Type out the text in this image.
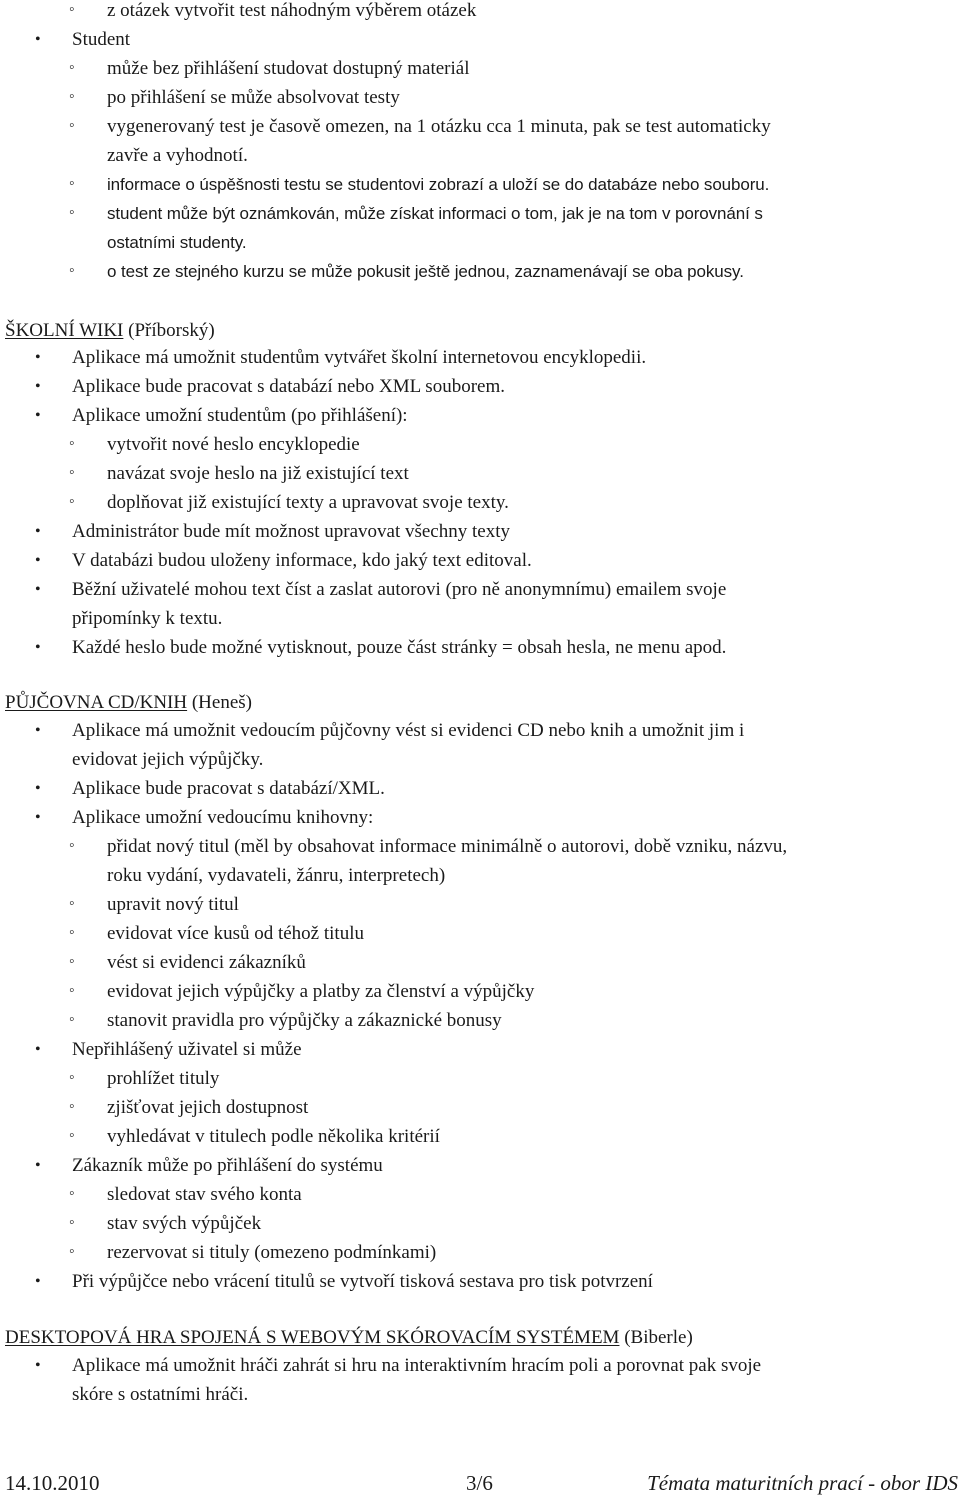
◦ z otázek vytvořit test náhodným výběrem otázek
• Student
◦ může bez přihlášení studovat dostupný materiál
◦ po přihlášení se může absolvovat testy
◦ vygenerovaný test je časově omezen, na 1 otázku cca 1 minuta, pak se test automaticky
zavře a vyhodnotí.
◦ informace o úspěšnosti testu se studentovi zobrazí a uloží se do databáze nebo souboru.
◦ student může být oznámkován, může získat informaci o tom, jak je na tom v porovnání s
ostatními studenty.
◦ o test ze stejného kurzu se může pokusit ještě jednou, zaznamenávají se oba pokusy.
• Aplikace má umožnit studentům vytvářet školní internetovou encyklopedii.
• Aplikace bude pracovat s databází nebo XML souborem.
• Aplikace umožní studentům (po přihlášení):
◦ vytvořit nové heslo encyklopedie
◦ navázat svoje heslo na již existující text
◦ doplňovat již existující texty a upravovat svoje texty.
• Administrátor bude mít možnost upravovat všechny texty
• V databázi budou uloženy informace, kdo jaký text editoval.
• Běžní uživatelé mohou text číst a zaslat autorovi (pro ně anonymnímu) emailem svoje
připomínky k textu.
• Každé heslo bude možné vytisknout, pouze část stránky = obsah hesla, ne menu apod.
• Aplikace má umožnit vedoucím půjčovny vést si evidenci CD nebo knih a umožnit jim i
evidovat jejich výpůjčky.
• Aplikace bude pracovat s databází/XML.
• Aplikace umožní vedoucímu knihovny:
◦ přidat nový titul (měl by obsahovat informace minimálně o autorovi, době vzniku, názvu,
roku vydání, vydavateli, žánru, interpretech)
◦ upravit nový titul
◦ evidovat více kusů od téhož titulu
◦ vést si evidenci zákazníků
◦ evidovat jejich výpůjčky a platby za členství a výpůjčky
◦ stanovit pravidla pro výpůjčky a zákaznické bonusy
• Nepřihlášený uživatel si může
◦ prohlížet tituly
◦ zjišťovat jejich dostupnost
◦ vyhledávat v titulech podle několika kritérií
• Zákazník může po přihlášení do systému
◦ sledovat stav svého konta
◦ stav svých výpůjček
◦ rezervovat si tituly (omezeno podmínkami)
• Při výpůjčce nebo vrácení titulů se vytvoří tisková sestava pro tisk potvrzení
• Aplikace má umožnit hráči zahrát si hru na interaktivním hracím poli a porovnat pak svoje
skóre s ostatními hráči.
ŠKOLNÍ WIKI (Příborský)
PŮJČOVNA CD/KNIH (Heneš)
DESKTOPOVÁ HRA SPOJENÁ S WEBOVÝM SKÓROVACÍM SYSTÉMEM (Biberle)
14.10.2010	3/6	Témata maturitních prací - obor IDS
